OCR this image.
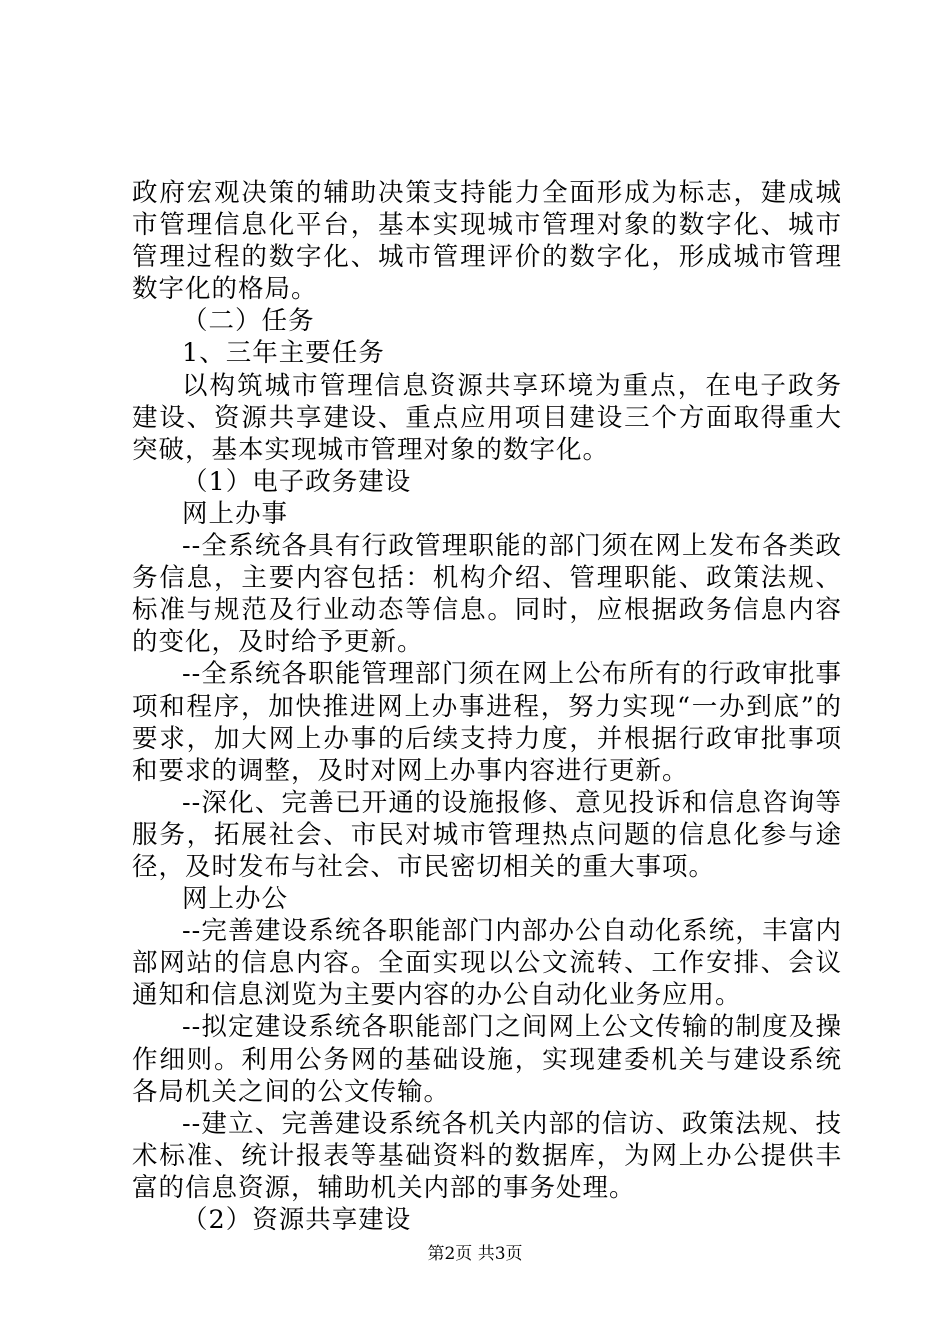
政府宏观决策的辅助决策支持能力全面形成为标志，建成城市管理信息化平台，基本实现城市管理对象的数字化、城市管理过程的数字化、城市管理评价的数字化，形成城市管理数字化的格局。

（二）任务

1、三年主要任务

以构筑城市管理信息资源共享环境为重点，在电子政务建设、资源共享建设、重点应用项目建设三个方面取得重大突破，基本实现城市管理对象的数字化。

（1）电子政务建设

网上办事

--全系统各具有行政管理职能的部门须在网上发布各类政务信息，主要内容包括：机构介绍、管理职能、政策法规、标准与规范及行业动态等信息。同时，应根据政务信息内容的变化，及时给予更新。

--全系统各职能管理部门须在网上公布所有的行政审批事项和程序，加快推进网上办事进程，努力实现“一办到底”的要求，加大网上办事的后续支持力度，并根据行政审批事项和要求的调整，及时对网上办事内容进行更新。

--深化、完善已开通的设施报修、意见投诉和信息咨询等服务，拓展社会、市民对城市管理热点问题的信息化参与途径，及时发布与社会、市民密切相关的重大事项。

网上办公

--完善建设系统各职能部门内部办公自动化系统，丰富内部网站的信息内容。全面实现以公文流转、工作安排、会议通知和信息浏览为主要内容的办公自动化业务应用。

--拟定建设系统各职能部门之间网上公文传输的制度及操作细则。利用公务网的基础设施，实现建委机关与建设系统各局机关之间的公文传输。

--建立、完善建设系统各机关内部的信访、政策法规、技术标准、统计报表等基础资料的数据库，为网上办公提供丰富的信息资源，辅助机关内部的事务处理。

（2）资源共享建设

第2页 共3页
